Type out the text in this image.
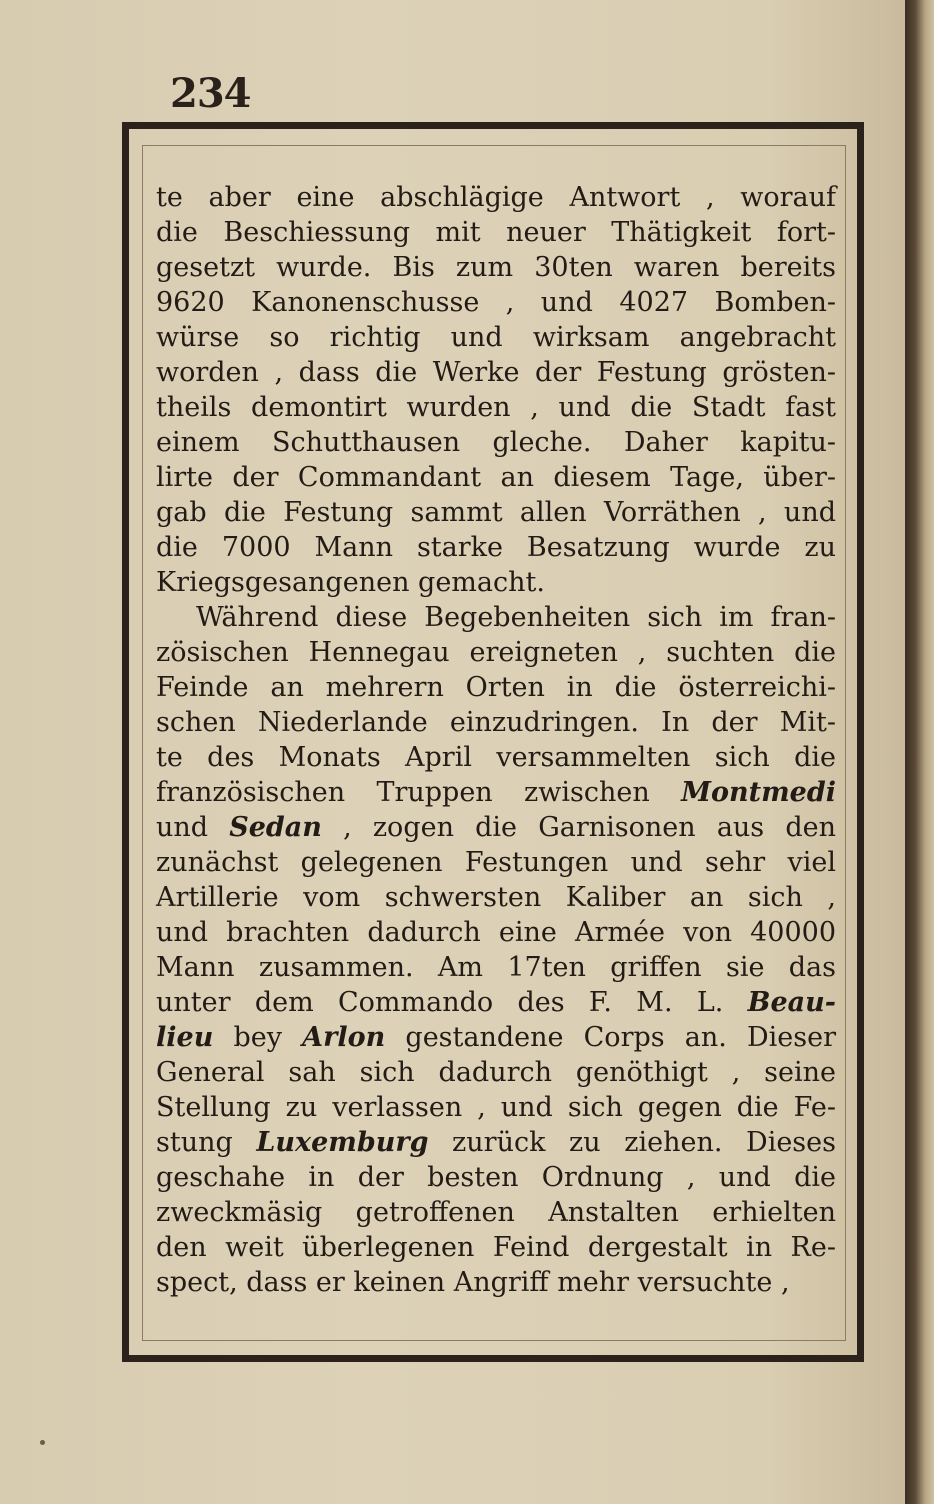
234
te aber eine abschlägige Antwort , worauf
die Beschiessung mit neuer Thätigkeit fort-
gesetzt wurde. Bis zum 30ten waren bereits
9620 Kanonenschusse , und 4027 Bomben-
würse so richtig und wirksam angebracht
worden , dass die Werke der Festung grösten-
theils demontirt wurden , und die Stadt fast
einem Schutthausen gleche. Daher kapitu-
lirte der Commandant an diesem Tage, über-
gab die Festung sammt allen Vorräthen , und
die 7000 Mann starke Besatzung wurde zu
Kriegsgesangenen gemacht.
Während diese Begebenheiten sich im fran-
zösischen Hennegau ereigneten , suchten die
Feinde an mehrern Orten in die österreichi-
schen Niederlande einzudringen. In der Mit-
te des Monats April versammelten sich die
französischen Truppen zwischen Montmedi
und Sedan , zogen die Garnisonen aus den
zunächst gelegenen Festungen und sehr viel
Artillerie vom schwersten Kaliber an sich ,
und brachten dadurch eine Armée von 40000
Mann zusammen. Am 17ten griffen sie das
unter dem Commando des F. M. L. Beau-
lieu bey Arlon gestandene Corps an. Dieser
General sah sich dadurch genöthigt , seine
Stellung zu verlassen , und sich gegen die Fe-
stung Luxemburg zurück zu ziehen. Dieses
geschahe in der besten Ordnung , und die
zweckmäsig getroffenen Anstalten erhielten
den weit überlegenen Feind dergestalt in Re-
spect, dass er keinen Angriff mehr versuchte ,
